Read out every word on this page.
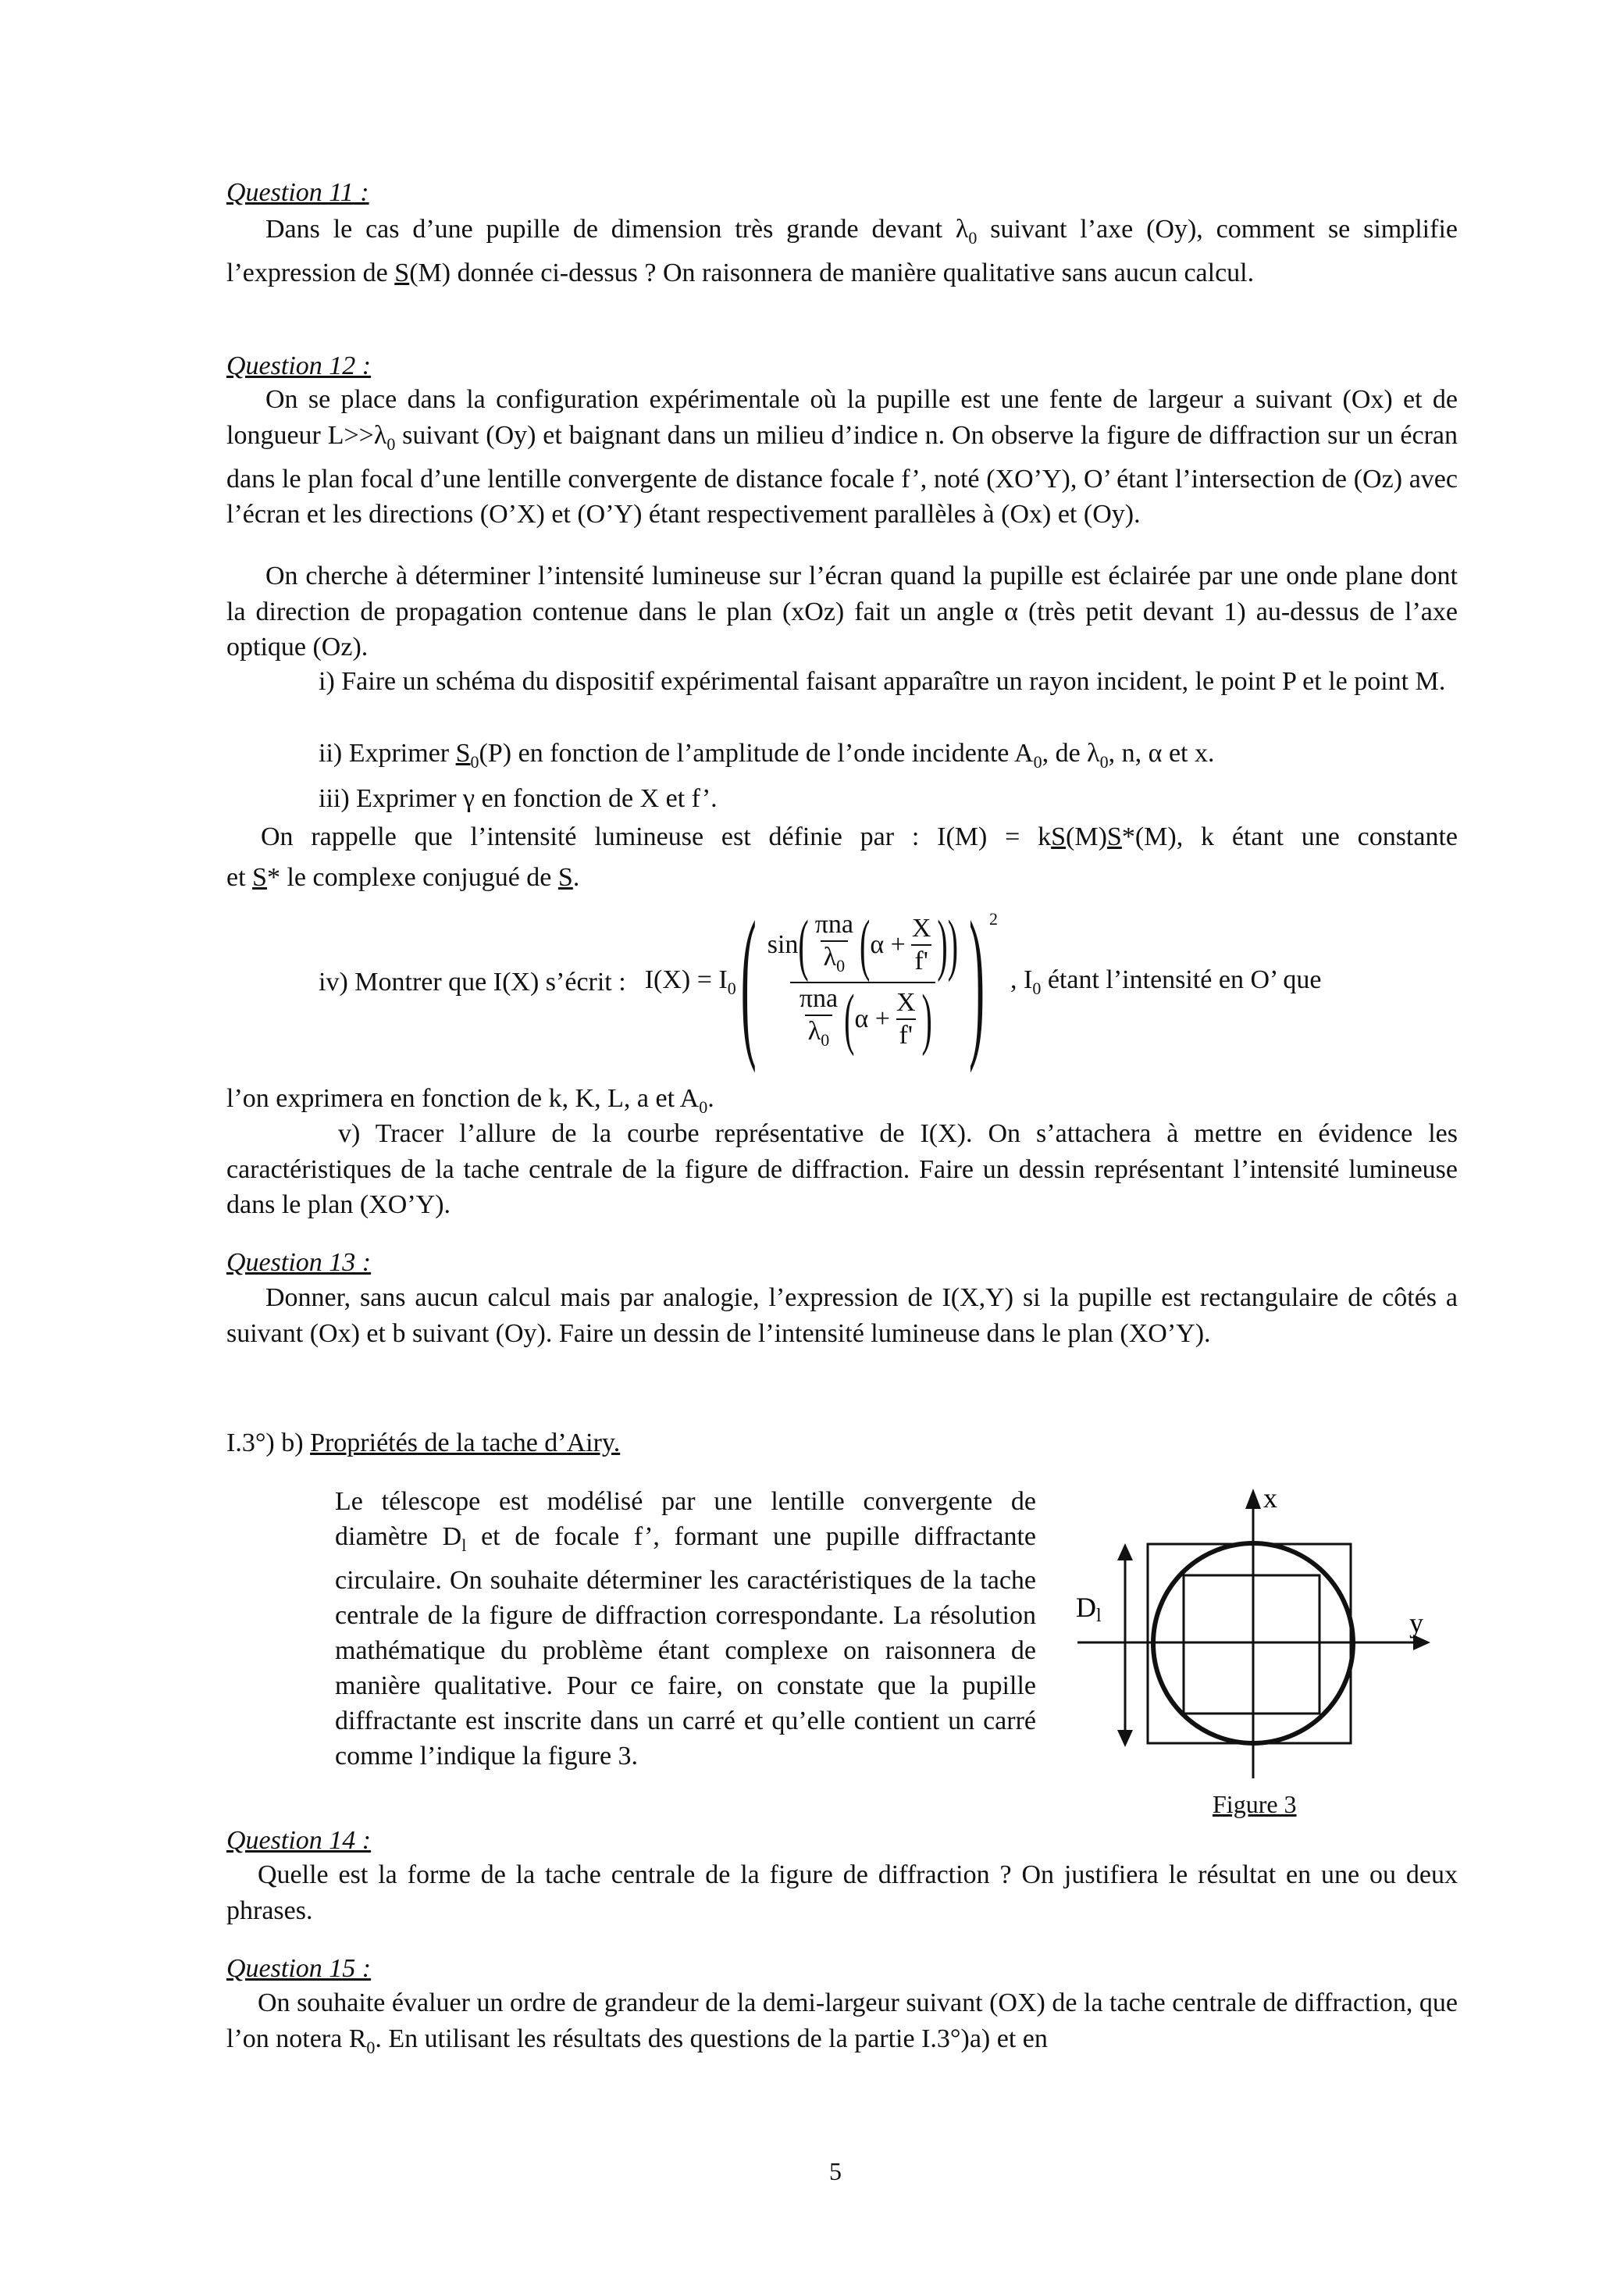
Question 11 :
Dans le cas d’une pupille de dimension très grande devant $\lambda_0$ suivant l’axe (Oy), comment se simplifie l’expression de S(M) donnée ci-dessus ? On raisonnera de manière qualitative sans aucun calcul.
Question 12 :
On se place dans la configuration expérimentale où la pupille est une fente de largeur a suivant (Ox) et de longueur $L>>\lambda_0$ suivant (Oy) et baignant dans un milieu d’indice n. On observe la figure de diffraction sur un écran dans le plan focal d’une lentille convergente de distance focale f’, noté (XO’Y), O’ étant l’intersection de (Oz) avec l’écran et les directions (O’X) et (O’Y) étant respectivement parallèles à (Ox) et (Oy).
On cherche à déterminer l’intensité lumineuse sur l’écran quand la pupille est éclairée par une onde plane dont la direction de propagation contenue dans le plan (xOz) fait un angle α (très petit devant 1) au-dessus de l’axe optique (Oz).
i) Faire un schéma du dispositif expérimental faisant apparaître un rayon incident, le point P et le point M.
ii) Exprimer $S_0(P)$ en fonction de l’amplitude de l’onde incidente $A_0$, de $\lambda_0$, n, α et x.
iii) Exprimer γ en fonction de X et f’.
On rappelle que l’intensité lumineuse est définie par : I(M) = kS(M)S*(M), k étant une constante
et S* le complexe conjugué de S.
iv) Montrer que I(X) s’écrit : $I(X) = I_0$ ( sin ( $\frac{\text{πna}}{\lambda_0}$ ( $\alpha + \frac{X}{f'}$ ))
$\frac{\text{πna}}{\lambda_0}$ ( $\alpha + \frac{X}{f'}$ ) ) $^2$
, $I_0$ étant l’intensité en O’ que
l’on exprimera en fonction de k, K, L, a et $A_0$.
v) Tracer l’allure de la courbe représentative de I(X). On s’attachera à mettre en évidence les caractéristiques de la tache centrale de la figure de diffraction. Faire un dessin représentant l’intensité lumineuse dans le plan (XO’Y).
Question 13 :
Donner, sans aucun calcul mais par analogie, l’expression de I(X,Y) si la pupille est rectangulaire de côtés a suivant (Ox) et b suivant (Oy). Faire un dessin de l’intensité lumineuse dans le plan (XO’Y).
I.3°) b) Propriétés de la tache d’Airy.
Le télescope est modélisé par une lentille convergente de diamètre $D_l$ et de focale f’, formant une pupille diffractante circulaire. On souhaite déterminer les caractéristiques de la tache centrale de la figure de diffraction correspondante. La résolution mathématique du problème étant complexe on raisonnera de manière qualitative. Pour ce faire, on constate que la pupille diffractante est inscrite dans un carré et qu’elle contient un carré comme l’indique la figure 3.
x
y
Dl
Figure 3
Question 14 :
Quelle est la forme de la tache centrale de la figure de diffraction ? On justifiera le résultat en une ou deux phrases.
Question 15 :
On souhaite évaluer un ordre de grandeur de la demi-largeur suivant (OX) de la tache centrale de diffraction, que l’on notera $R_0$. En utilisant les résultats des questions de la partie I.3°)a) et en
5
